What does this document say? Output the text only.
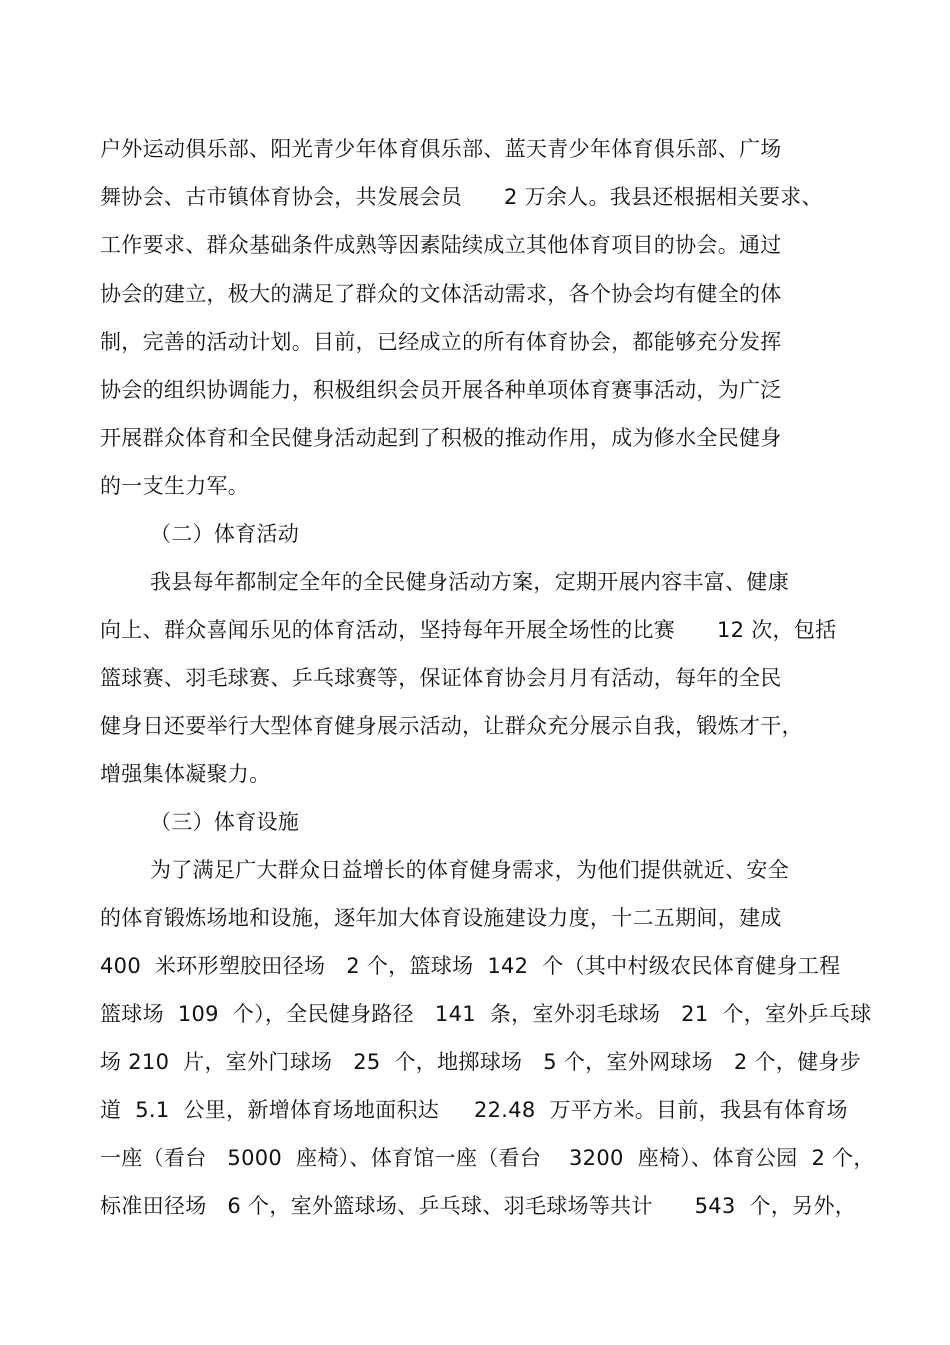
户外运动俱乐部、阳光青少年体育俱乐部、蓝天青少年体育俱乐部、广场
舞协会、古市镇体育协会，共发展会员      2 万余人。我县还根据相关要求、
工作要求、群众基础条件成熟等因素陆续成立其他体育项目的协会。通过
协会的建立，极大的满足了群众的文体活动需求，各个协会均有健全的体
制，完善的活动计划。目前，已经成立的所有体育协会，都能够充分发挥
协会的组织协调能力，积极组织会员开展各种单项体育赛事活动，为广泛
开展群众体育和全民健身活动起到了积极的推动作用，成为修水全民健身
的一支生力军。
（二）体育活动
我县每年都制定全年的全民健身活动方案，定期开展内容丰富、健康
向上、群众喜闻乐见的体育活动，坚持每年开展全场性的比赛      12 次，包括
篮球赛、羽毛球赛、乒乓球赛等，保证体育协会月月有活动，每年的全民
健身日还要举行大型体育健身展示活动，让群众充分展示自我，锻炼才干，
增强集体凝聚力。
（三）体育设施
为了满足广大群众日益增长的体育健身需求，为他们提供就近、安全
的体育锻炼场地和设施，逐年加大体育设施建设力度，十二五期间，建成
400  米环形塑胶田径场   2 个，篮球场  142  个（其中村级农民体育健身工程
篮球场  109  个），全民健身路径   141  条，室外羽毛球场   21  个，室外乒乓球
场 210  片，室外门球场   25  个，地掷球场   5 个，室外网球场   2 个，健身步
道  5.1  公里，新增体育场地面积达     22.48  万平方米。目前，我县有体育场
一座（看台   5000  座椅）、体育馆一座（看台    3200  座椅）、体育公园  2 个，
标准田径场   6 个，室外篮球场、乒乓球、羽毛球场等共计      543  个，另外，
